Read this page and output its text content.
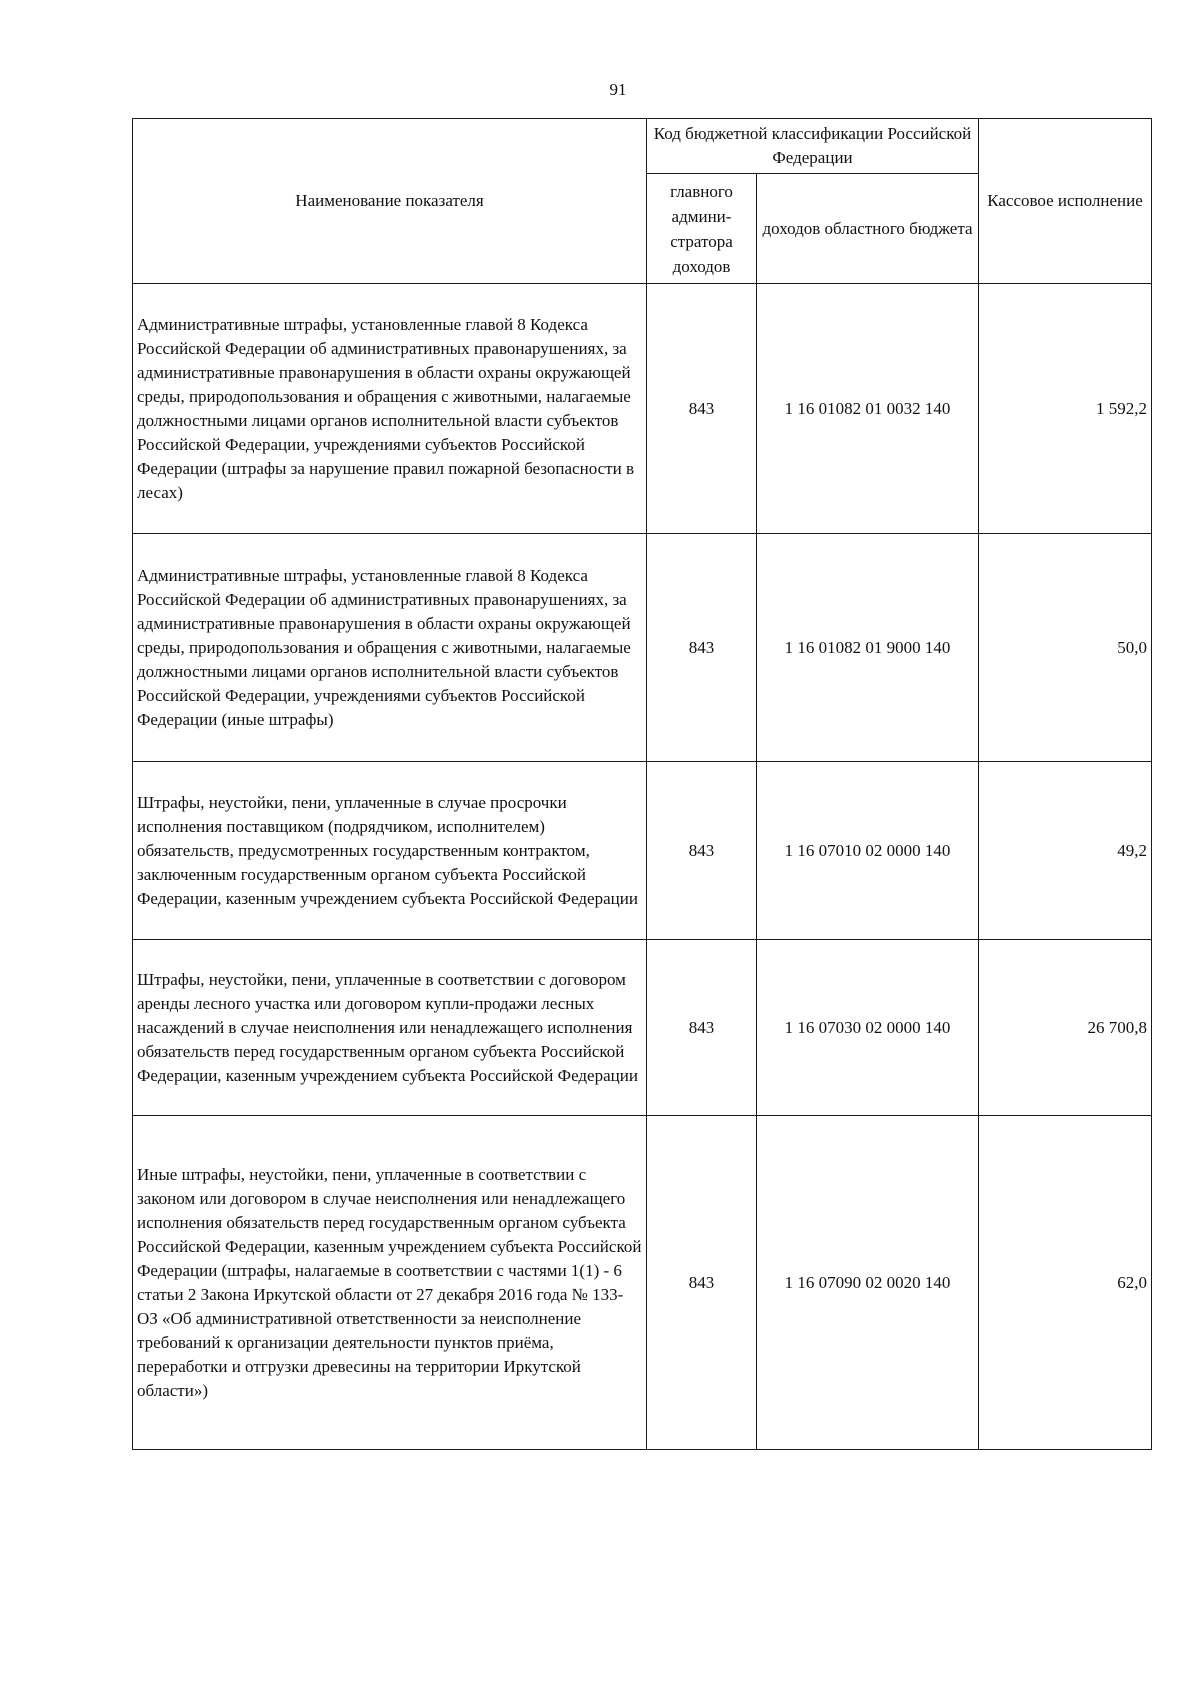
91
Наименование показателя	Код бюджетной классификации Российской Федерации		Кассовое исполнение
	главного админи-стратора доходов	доходов областного бюджета	
Административные штрафы, установленные главой 8 Кодекса Российской Федерации об административных правонарушениях, за административные правонарушения в области охраны окружающей среды, природопользования и обращения с животными, налагаемые должностными лицами органов исполнительной власти субъектов Российской Федерации, учреждениями субъектов Российской Федерации (штрафы за нарушение правил пожарной безопасности в лесах)	843	1 16 01082 01 0032 140	1 592,2
Административные штрафы, установленные главой 8 Кодекса Российской Федерации об административных правонарушениях, за административные правонарушения в области охраны окружающей среды, природопользования и обращения с животными, налагаемые должностными лицами органов исполнительной власти субъектов Российской Федерации, учреждениями субъектов Российской Федерации (иные штрафы)	843	1 16 01082 01 9000 140	50,0
Штрафы, неустойки, пени, уплаченные в случае просрочки исполнения поставщиком (подрядчиком, исполнителем) обязательств, предусмотренных государственным контрактом, заключенным государственным органом субъекта Российской Федерации, казенным учреждением субъекта Российской Федерации	843	1 16 07010 02 0000 140	49,2
Штрафы, неустойки, пени, уплаченные в соответствии с договором аренды лесного участка или договором купли-продажи лесных насаждений в случае неисполнения или ненадлежащего исполнения обязательств перед государственным органом субъекта Российской Федерации, казенным учреждением субъекта Российской Федерации	843	1 16 07030 02 0000 140	26 700,8
Иные штрафы, неустойки, пени, уплаченные в соответствии с законом или договором в случае неисполнения или ненадлежащего исполнения обязательств перед государственным органом субъекта Российской Федерации, казенным учреждением субъекта Российской Федерации (штрафы, налагаемые в соответствии с частями 1(1) - 6 статьи 2 Закона Иркутской области от 27 декабря 2016 года № 133-ОЗ «Об административной ответственности за неисполнение требований к организации деятельности пунктов приёма, переработки и отгрузки древесины на территории Иркутской области»)	843	1 16 07090 02 0020 140	62,0
